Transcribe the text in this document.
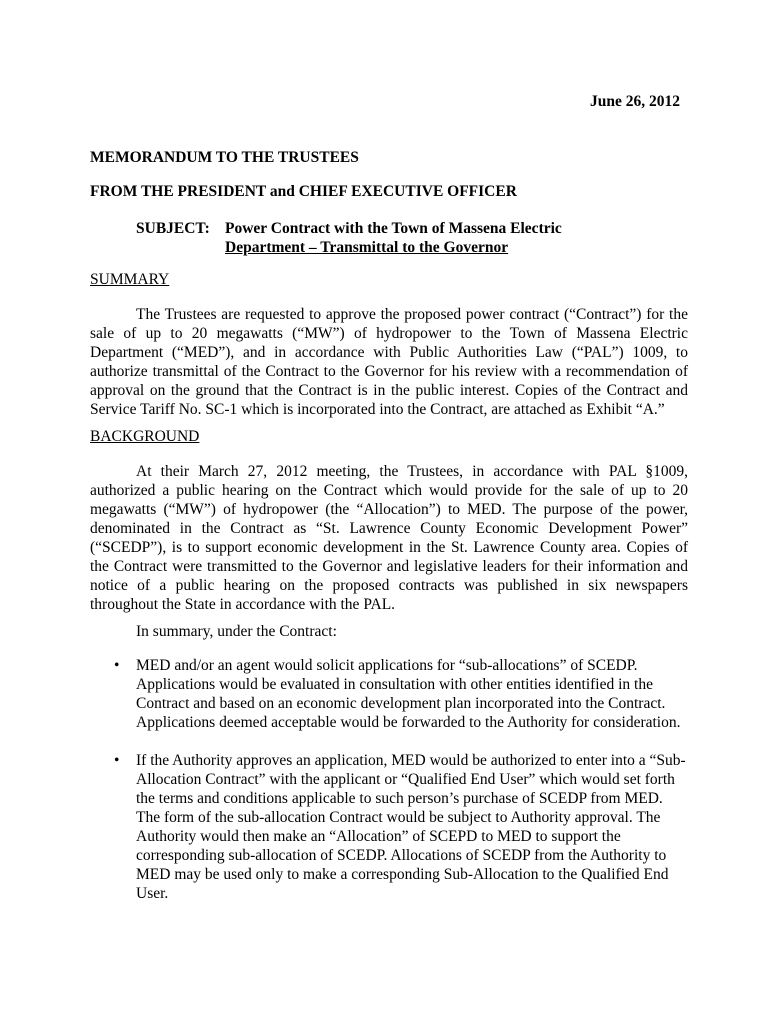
June 26, 2012

MEMORANDUM TO THE TRUSTEES

FROM THE PRESIDENT and CHIEF EXECUTIVE OFFICER

SUBJECT: Power Contract with the Town of Massena Electric
Department – Transmittal to the Governor

SUMMARY

The Trustees are requested to approve the proposed power contract (“Contract”) for the sale of up to 20 megawatts (“MW”) of hydropower to the Town of Massena Electric Department (“MED”), and in accordance with Public Authorities Law (“PAL”) 1009, to authorize transmittal of the Contract to the Governor for his review with a recommendation of approval on the ground that the Contract is in the public interest. Copies of the Contract and Service Tariff No. SC-1 which is incorporated into the Contract, are attached as Exhibit “A.”

BACKGROUND

At their March 27, 2012 meeting, the Trustees, in accordance with PAL §1009, authorized a public hearing on the Contract which would provide for the sale of up to 20 megawatts (“MW”) of hydropower (the “Allocation”) to MED. The purpose of the power, denominated in the Contract as “St. Lawrence County Economic Development Power” (“SCEDP”), is to support economic development in the St. Lawrence County area. Copies of the Contract were transmitted to the Governor and legislative leaders for their information and notice of a public hearing on the proposed contracts was published in six newspapers throughout the State in accordance with the PAL.

In summary, under the Contract:

• MED and/or an agent would solicit applications for “sub-allocations” of SCEDP. Applications would be evaluated in consultation with other entities identified in the Contract and based on an economic development plan incorporated into the Contract. Applications deemed acceptable would be forwarded to the Authority for consideration.
• If the Authority approves an application, MED would be authorized to enter into a “Sub-Allocation Contract” with the applicant or “Qualified End User” which would set forth the terms and conditions applicable to such person’s purchase of SCEDP from MED. The form of the sub-allocation Contract would be subject to Authority approval. The Authority would then make an “Allocation” of SCEPD to MED to support the corresponding sub-allocation of SCEDP. Allocations of SCEDP from the Authority to MED may be used only to make a corresponding Sub-Allocation to the Qualified End User.
